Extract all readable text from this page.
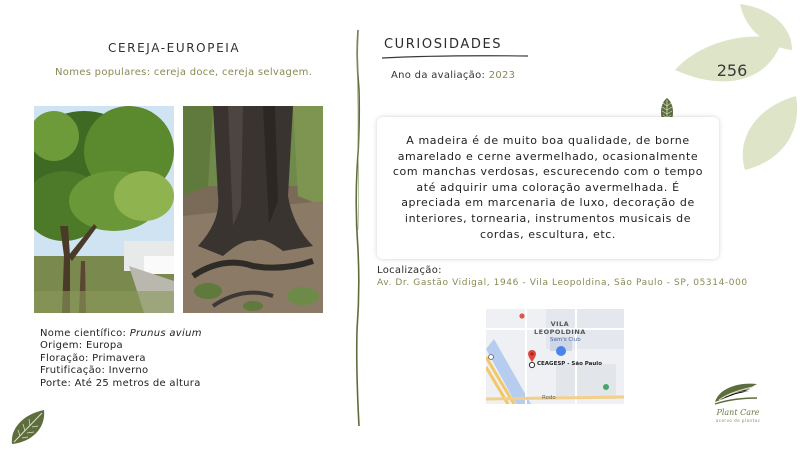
CEREJA-EUROPEIA
Nomes populares: cereja doce, cereja selvagem.
Nome científico: Prunus avium
Origem: Europa
Floração: Primavera
Frutificação: Inverno
Porte: Até 25 metros de altura
CURIOSIDADES
Ano da avaliação: 2023	256
A madeira é de muito boa qualidade, de borne amarelado e cerne avermelhado, ocasionalmente com manchas verdosas, escurecendo com o tempo até adquirir uma coloração avermelhada. É apreciada em marcenaria de luxo, decoração de interiores, tornearia, instrumentos musicais de cordas, escultura, etc.
Localização:
Av. Dr. Gastão Vidigal, 1946 - Vila Leopoldina, São Paulo - SP, 05314-000
VILA
LEOPOLDINA
Sam's Club
CEAGESP - São Paulo
Rodo
Plant Care
acervo de plantas
